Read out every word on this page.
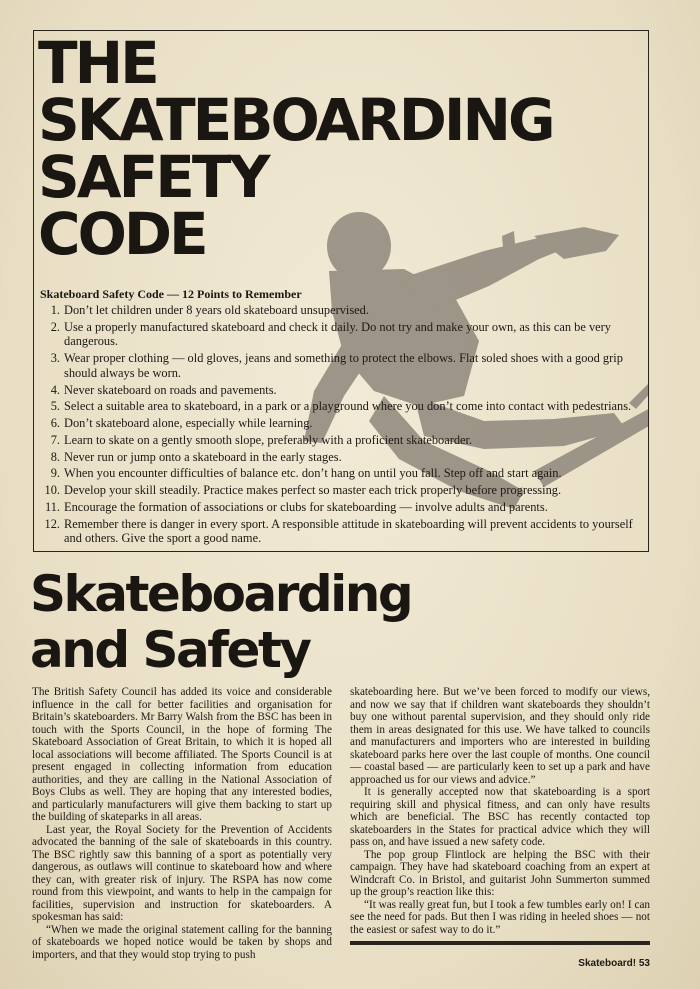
THE
SKATEBOARDING
SAFETY
CODE
Skateboard Safety Code — 12 Points to Remember
1. Don’t let children under 8 years old skateboard unsupervised.
2. Use a properly manufactured skateboard and check it daily. Do not try and make your own, as this can be very dangerous.
3. Wear proper clothing — old gloves, jeans and something to protect the elbows. Flat soled shoes with a good grip should always be worn.
4. Never skateboard on roads and pavements.
5. Select a suitable area to skateboard, in a park or a playground where you don’t come into contact with pedestrians.
6. Don’t skateboard alone, especially while learning.
7. Learn to skate on a gently smooth slope, preferably with a proficient skateboarder.
8. Never run or jump onto a skateboard in the early stages.
9. When you encounter difficulties of balance etc. don’t hang on until you fall. Step off and start again.
10. Develop your skill steadily. Practice makes perfect so master each trick properly before progressing.
11. Encourage the formation of associations or clubs for skateboarding — involve adults and parents.
12. Remember there is danger in every sport. A responsible attitude in skateboarding will prevent accidents to yourself and others. Give the sport a good name.
Skateboarding
and Safety

The British Safety Council has added its voice and considerable influence in the call for better facilities and organisation for Britain’s skateboarders. Mr Barry Walsh from the BSC has been in touch with the Sports Council, in the hope of forming The Skateboard Association of Great Britain, to which it is hoped all local associations will become affiliated. The Sports Council is at present engaged in collecting information from education authorities, and they are calling in the National Association of Boys Clubs as well. They are hoping that any interested bodies, and particularly manufacturers will give them backing to start up the building of skateparks in all areas.

Last year, the Royal Society for the Prevention of Accidents advocated the banning of the sale of skateboards in this country. The BSC rightly saw this banning of a sport as potentially very dangerous, as outlaws will continue to skateboard how and where they can, with greater risk of injury. The RSPA has now come round from this viewpoint, and wants to help in the campaign for facilities, supervision and instruction for skateboarders. A spokesman has said:

“When we made the original statement calling for the banning of skateboards we hoped notice would be taken by shops and importers, and that they would stop trying to push

skateboarding here. But we’ve been forced to modify our views, and now we say that if children want skateboards they shouldn’t buy one without parental supervision, and they should only ride them in areas designated for this use. We have talked to councils and manufacturers and importers who are interested in building skateboard parks here over the last couple of months. One council — coastal based — are particularly keen to set up a park and have approached us for our views and advice.”

It is generally accepted now that skateboarding is a sport requiring skill and physical fitness, and can only have results which are beneficial. The BSC has recently contacted top skateboarders in the States for practical advice which they will pass on, and have issued a new safety code.

The pop group Flintlock are helping the BSC with their campaign. They have had skateboard coaching from an expert at Windcraft Co. in Bristol, and guitarist John Summerton summed up the group’s reaction like this:

“It was really great fun, but I took a few tumbles early on! I can see the need for pads. But then I was riding in heeled shoes — not the easiest or safest way to do it.”

Skateboard! 53
